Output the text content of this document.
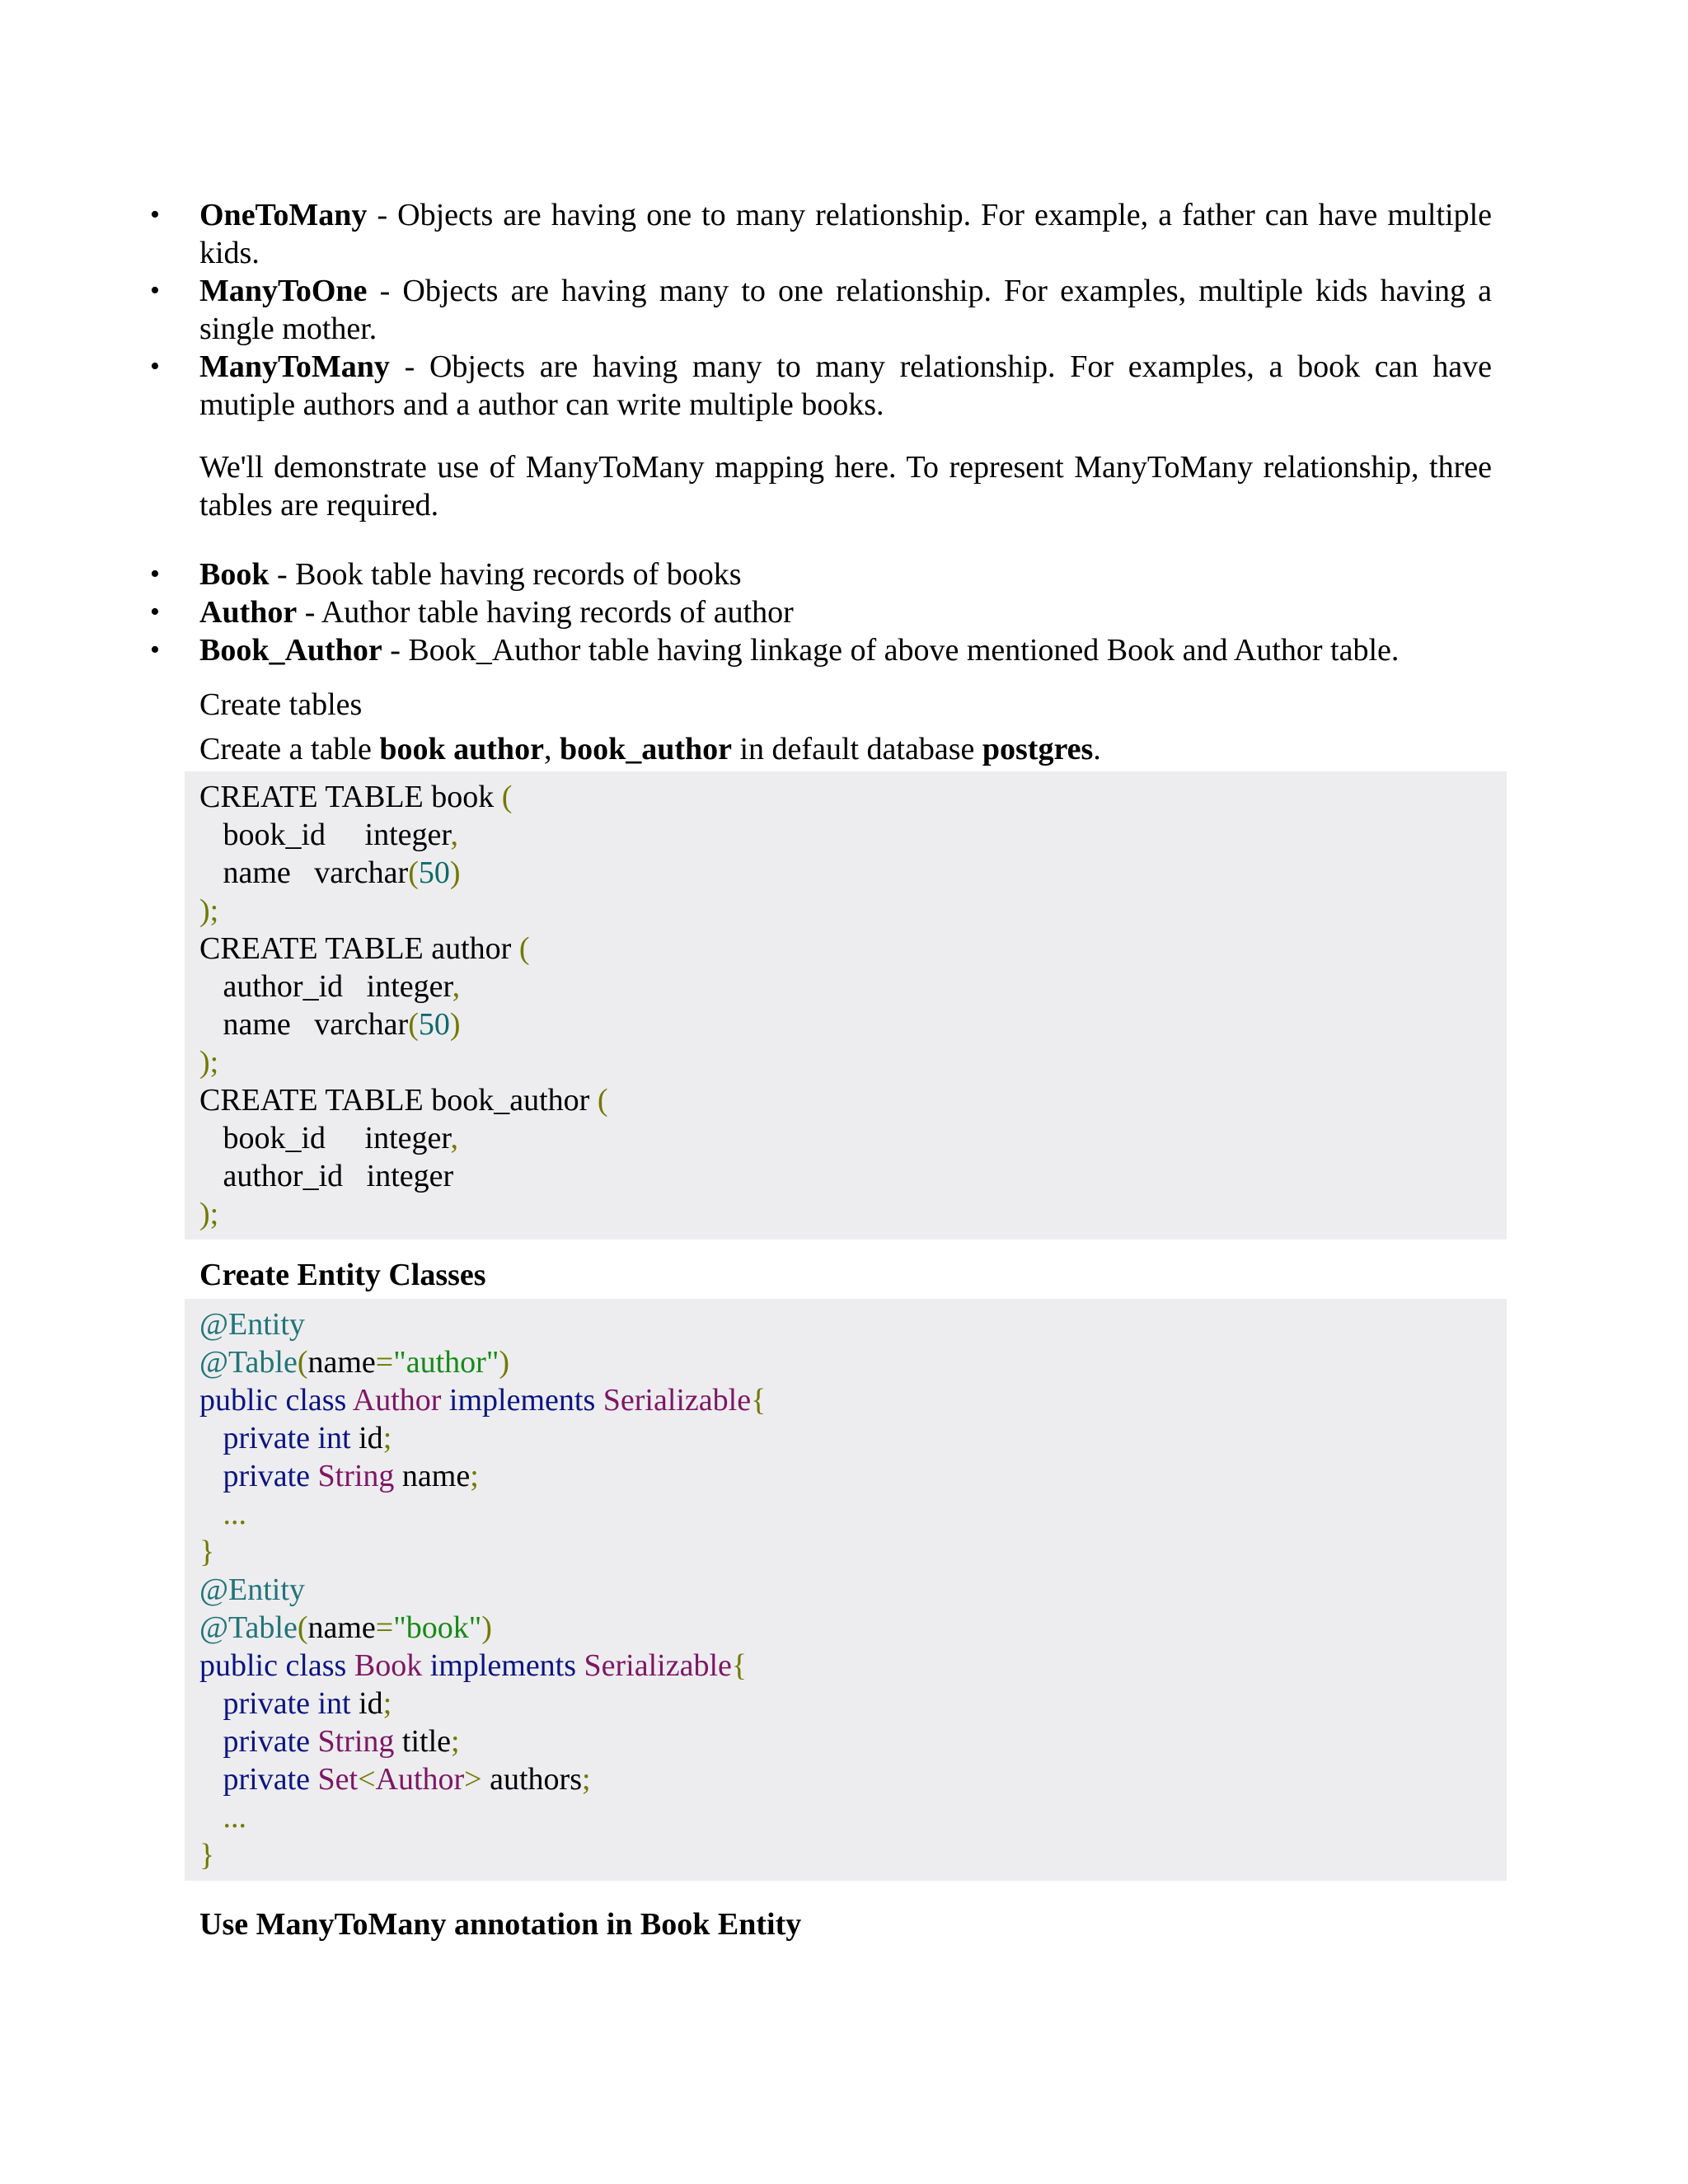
• OneToMany - Objects are having one to many relationship. For example, a father can have multiple kids.
• ManyToOne - Objects are having many to one relationship. For examples, multiple kids having a single mother.
• ManyToMany - Objects are having many to many relationship. For examples, a book can have mutiple authors and a author can write multiple books.
We'll demonstrate use of ManyToMany mapping here. To represent ManyToMany relationship, three tables are required.
• Book - Book table having records of books
• Author - Author table having records of author
• Book_Author - Book_Author table having linkage of above mentioned Book and Author table.
Create tables
Create a table book author, book_author in default database postgres.
CREATE TABLE book (
book_id     integer,
name   varchar(50)
);
CREATE TABLE author (
author_id   integer,
name   varchar(50)
);
CREATE TABLE book_author (
book_id     integer,
author_id   integer
);
Create Entity Classes
@Entity
@Table(name="author")
public class Author implements Serializable{
private int id;
private String name;
...
}
@Entity
@Table(name="book")
public class Book implements Serializable{
private int id;
private String title;
private Set<Author> authors;
...
}
Use ManyToMany annotation in Book Entity
